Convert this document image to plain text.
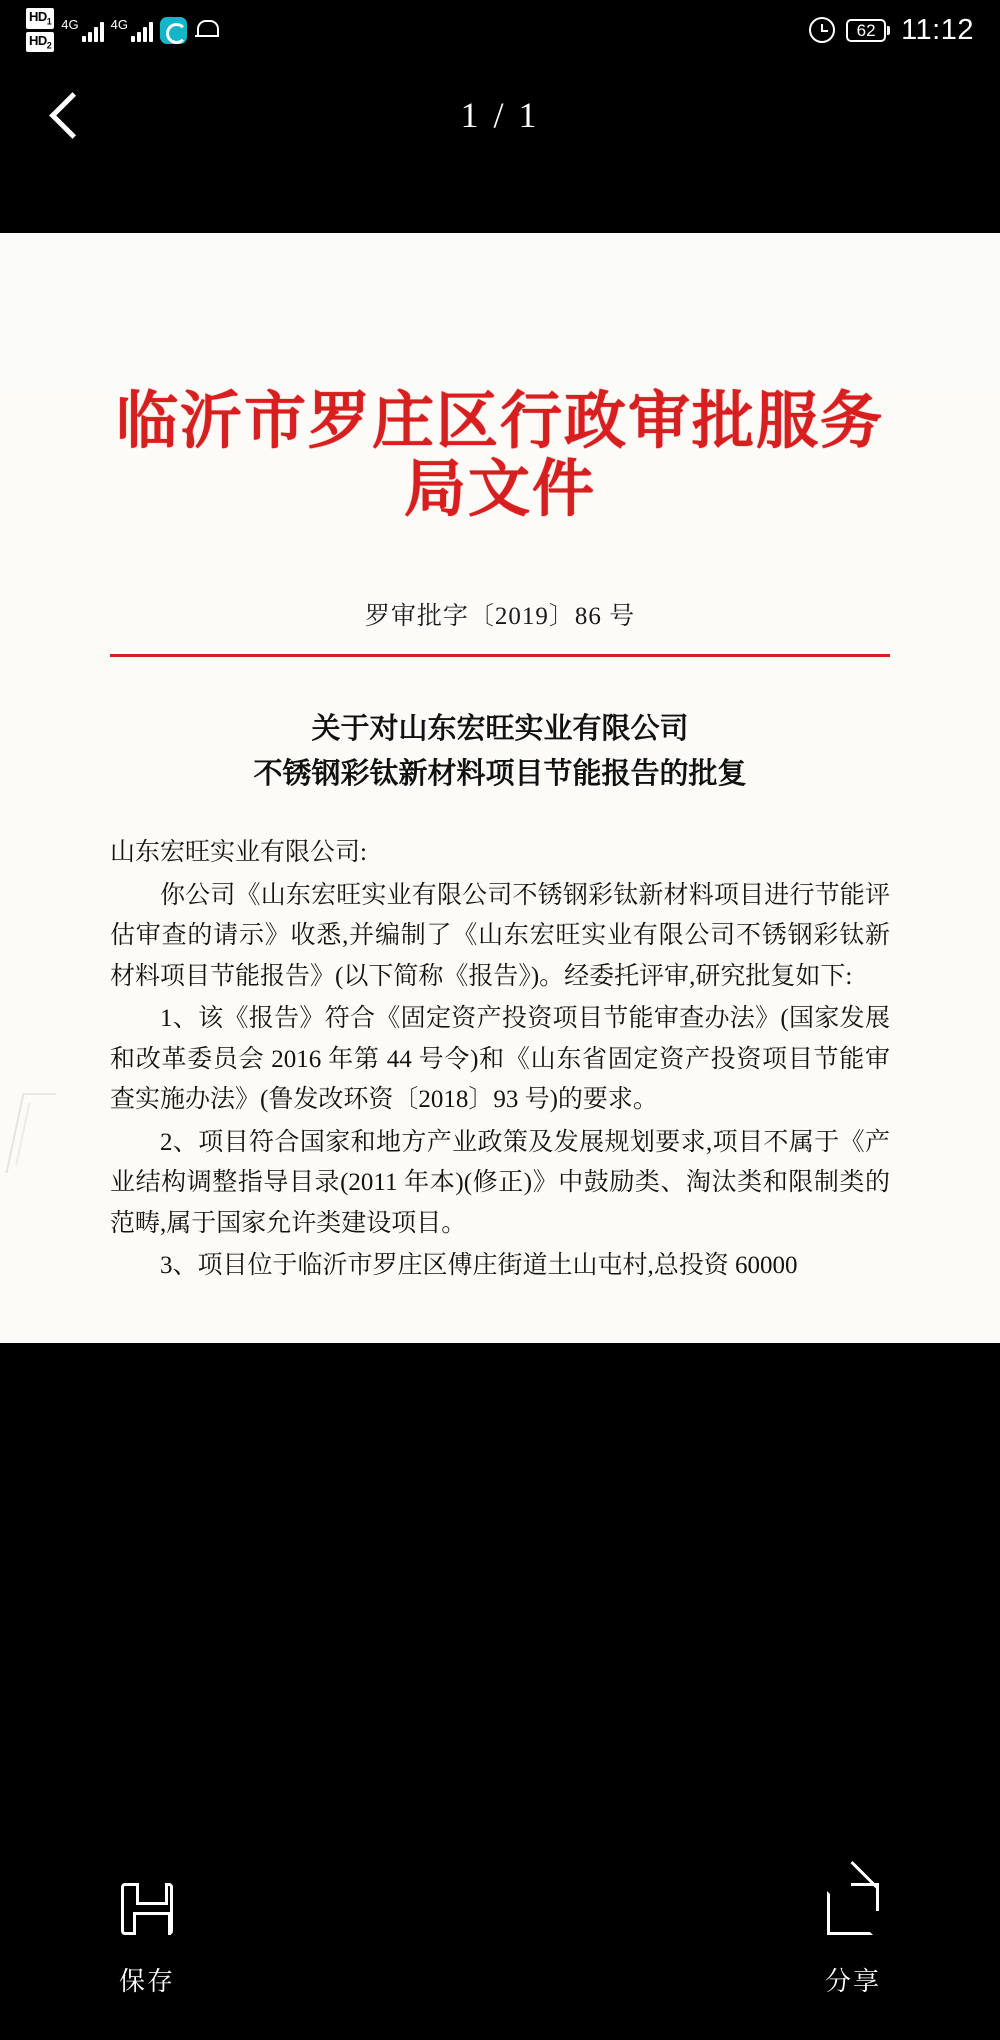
$HD_1$
$HD_2$
4G 4G	62 11:12
1 / 1
临沂市罗庄区行政审批服务局文件
罗审批字〔2019〕86 号
关于对山东宏旺实业有限公司
不锈钢彩钛新材料项目节能报告的批复

山东宏旺实业有限公司:

你公司《山东宏旺实业有限公司不锈钢彩钛新材料项目进行节能评估审查的请示》收悉,并编制了《山东宏旺实业有限公司不锈钢彩钛新材料项目节能报告》(以下简称《报告》)。经委托评审,研究批复如下:

1、该《报告》符合《固定资产投资项目节能审查办法》(国家发展和改革委员会 2016 年第 44 号令)和《山东省固定资产投资项目节能审查实施办法》(鲁发改环资〔2018〕93 号)的要求。

2、项目符合国家和地方产业政策及发展规划要求,项目不属于《产业结构调整指导目录(2011 年本)(修正)》中鼓励类、淘汰类和限制类的范畴,属于国家允许类建设项目。

3、项目位于临沂市罗庄区傅庄街道土山屯村,总投资 60000

保存	分享
